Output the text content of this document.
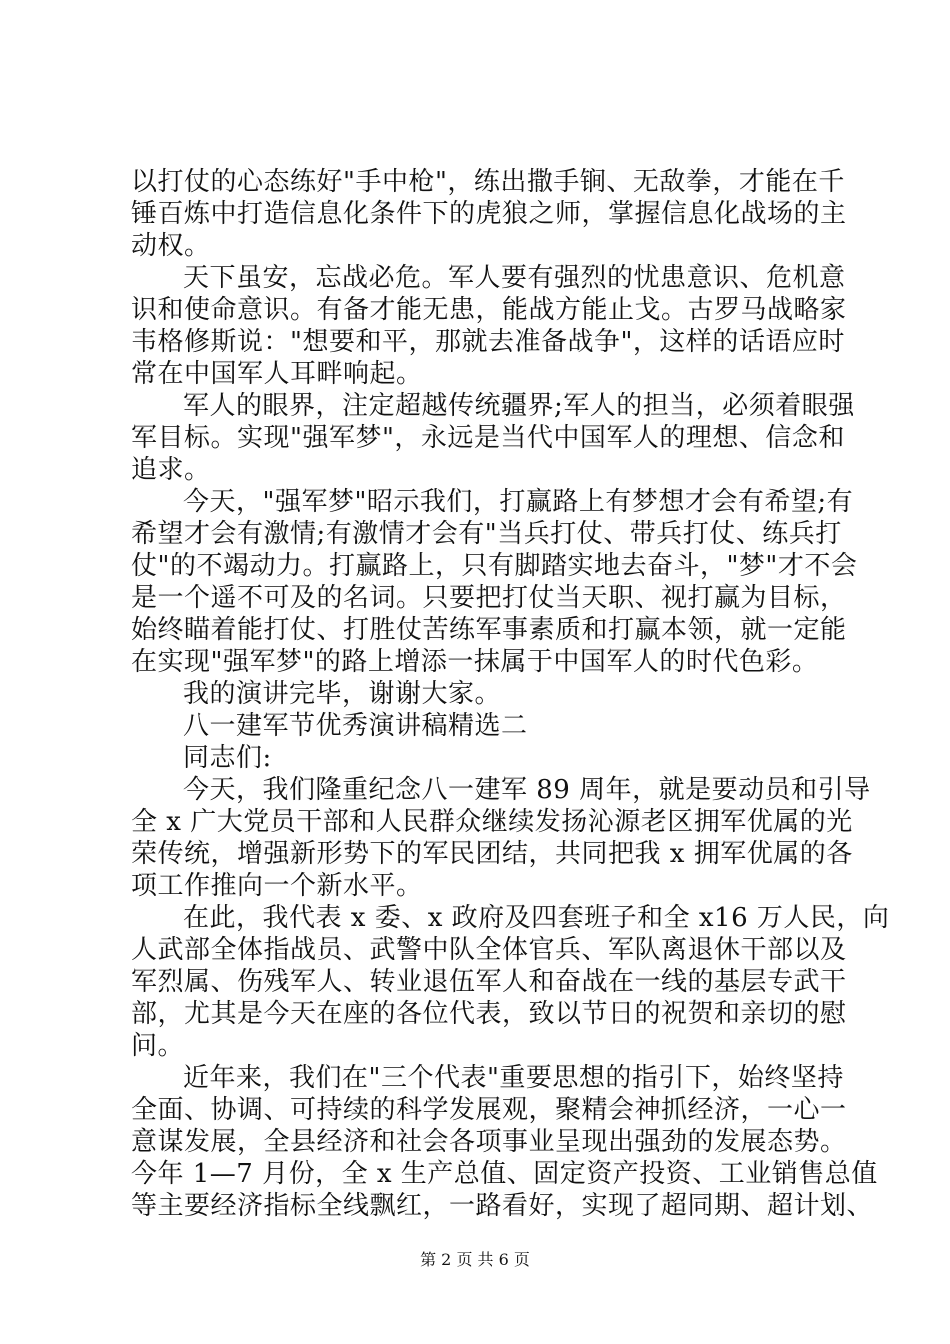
以打仗的心态练好"手中枪"，练出撒手锏、无敌拳，才能在千
锤百炼中打造信息化条件下的虎狼之师，掌握信息化战场的主
动权。
天下虽安，忘战必危。军人要有强烈的忧患意识、危机意
识和使命意识。有备才能无患，能战方能止戈。古罗马战略家
韦格修斯说："想要和平，那就去准备战争"，这样的话语应时
常在中国军人耳畔响起。
军人的眼界，注定超越传统疆界;军人的担当，必须着眼强
军目标。实现"强军梦"，永远是当代中国军人的理想、信念和
追求。
今天，"强军梦"昭示我们，打赢路上有梦想才会有希望;有
希望才会有激情;有激情才会有"当兵打仗、带兵打仗、练兵打
仗"的不竭动力。打赢路上，只有脚踏实地去奋斗，"梦"才不会
是一个遥不可及的名词。只要把打仗当天职、视打赢为目标，
始终瞄着能打仗、打胜仗苦练军事素质和打赢本领，就一定能
在实现"强军梦"的路上增添一抹属于中国军人的时代色彩。
我的演讲完毕，谢谢大家。
八一建军节优秀演讲稿精选二
同志们:
今天，我们隆重纪念八一建军 89 周年，就是要动员和引导
全 x 广大党员干部和人民群众继续发扬沁源老区拥军优属的光
荣传统，增强新形势下的军民团结，共同把我 x 拥军优属的各
项工作推向一个新水平。
在此，我代表 x 委、x 政府及四套班子和全 x16 万人民，向
人武部全体指战员、武警中队全体官兵、军队离退休干部以及
军烈属、伤残军人、转业退伍军人和奋战在一线的基层专武干
部，尤其是今天在座的各位代表，致以节日的祝贺和亲切的慰
问。
近年来，我们在"三个代表"重要思想的指引下，始终坚持
全面、协调、可持续的科学发展观，聚精会神抓经济，一心一
意谋发展，全县经济和社会各项事业呈现出强劲的发展态势。
今年 1—7 月份，全 x 生产总值、固定资产投资、工业销售总值
等主要经济指标全线飘红，一路看好，实现了超同期、超计划、
第 2 页 共 6 页
